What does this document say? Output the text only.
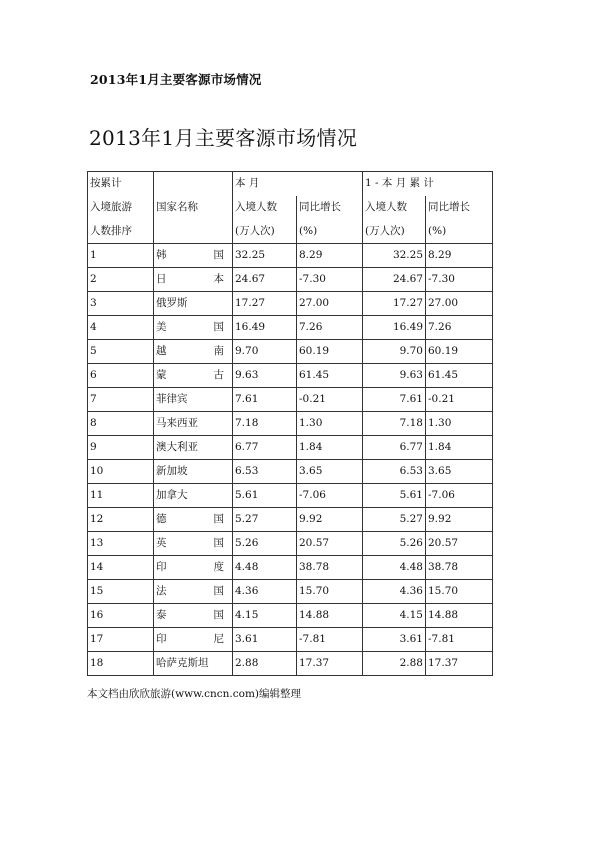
2013年1月主要客源市场情况
2013年1月主要客源市场情况
按累计		本 月		1 - 本 月 累 计	
入境旅游	国家名称	入境人数	同比增长	入境人数	同比增长
人数排序		(万人次)	(%)	(万人次)	(%)
1	韩 国	32.25	8.29	32.25	8.29
2	日 本	24.67	-7.30	24.67	-7.30
3	俄罗斯	17.27	27.00	17.27	27.00
4	美 国	16.49	7.26	16.49	7.26
5	越 南	9.70	60.19	9.70	60.19
6	蒙 古	9.63	61.45	9.63	61.45
7	菲律宾	7.61	-0.21	7.61	-0.21
8	马来西亚	7.18	1.30	7.18	1.30
9	澳大利亚	6.77	1.84	6.77	1.84
10	新加坡	6.53	3.65	6.53	3.65
11	加拿大	5.61	-7.06	5.61	-7.06
12	德 国	5.27	9.92	5.27	9.92
13	英 国	5.26	20.57	5.26	20.57
14	印 度	4.48	38.78	4.48	38.78
15	法 国	4.36	15.70	4.36	15.70
16	泰 国	4.15	14.88	4.15	14.88
17	印 尼	3.61	-7.81	3.61	-7.81
18	哈萨克斯坦	2.88	17.37	2.88	17.37
本文档由欣欣旅游(www.cncn.com)编辑整理
